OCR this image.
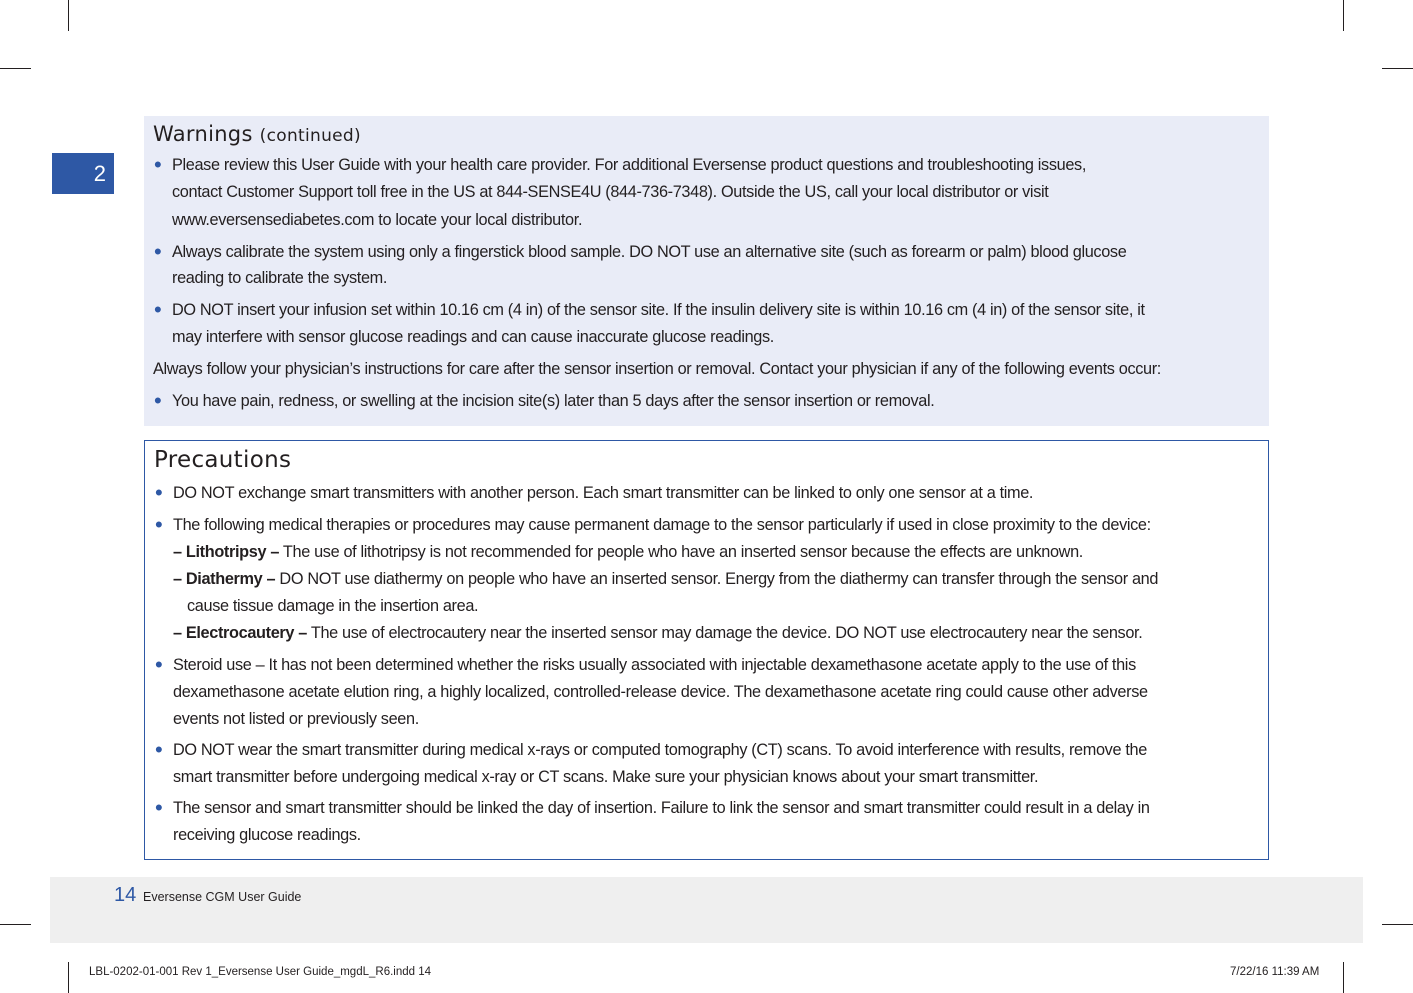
2
Warnings (continued)
• Please review this User Guide with your health care provider. For additional Eversense product questions and troubleshooting issues,
contact Customer Support toll free in the US at 844-SENSE4U (844-736-7348). Outside the US, call your local distributor or visit
www.eversensediabetes.com to locate your local distributor.
• Always calibrate the system using only a fingerstick blood sample. DO NOT use an alternative site (such as forearm or palm) blood glucose
reading to calibrate the system.
• DO NOT insert your infusion set within 10.16 cm (4 in) of the sensor site. If the insulin delivery site is within 10.16 cm (4 in) of the sensor site, it
may interfere with sensor glucose readings and can cause inaccurate glucose readings.
Always follow your physician’s instructions for care after the sensor insertion or removal. Contact your physician if any of the following events occur:
• You have pain, redness, or swelling at the incision site(s) later than 5 days after the sensor insertion or removal.
Precautions
• DO NOT exchange smart transmitters with another person. Each smart transmitter can be linked to only one sensor at a time.
• The following medical therapies or procedures may cause permanent damage to the sensor particularly if used in close proximity to the device:
– Lithotripsy – The use of lithotripsy is not recommended for people who have an inserted sensor because the effects are unknown.
– Diathermy – DO NOT use diathermy on people who have an inserted sensor. Energy from the diathermy can transfer through the sensor and
cause tissue damage in the insertion area.
– Electrocautery – The use of electrocautery near the inserted sensor may damage the device. DO NOT use electrocautery near the sensor.
• Steroid use – It has not been determined whether the risks usually associated with injectable dexamethasone acetate apply to the use of this
dexamethasone acetate elution ring, a highly localized, controlled-release device. The dexamethasone acetate ring could cause other adverse
events not listed or previously seen.
• DO NOT wear the smart transmitter during medical x-rays or computed tomography (CT) scans. To avoid interference with results, remove the
smart transmitter before undergoing medical x-ray or CT scans. Make sure your physician knows about your smart transmitter.
• The sensor and smart transmitter should be linked the day of insertion. Failure to link the sensor and smart transmitter could result in a delay in
receiving glucose readings.
14 Eversense CGM User Guide
LBL-0202-01-001 Rev 1_Eversense User Guide_mgdL_R6.indd 14	7/22/16 11:39 AM
